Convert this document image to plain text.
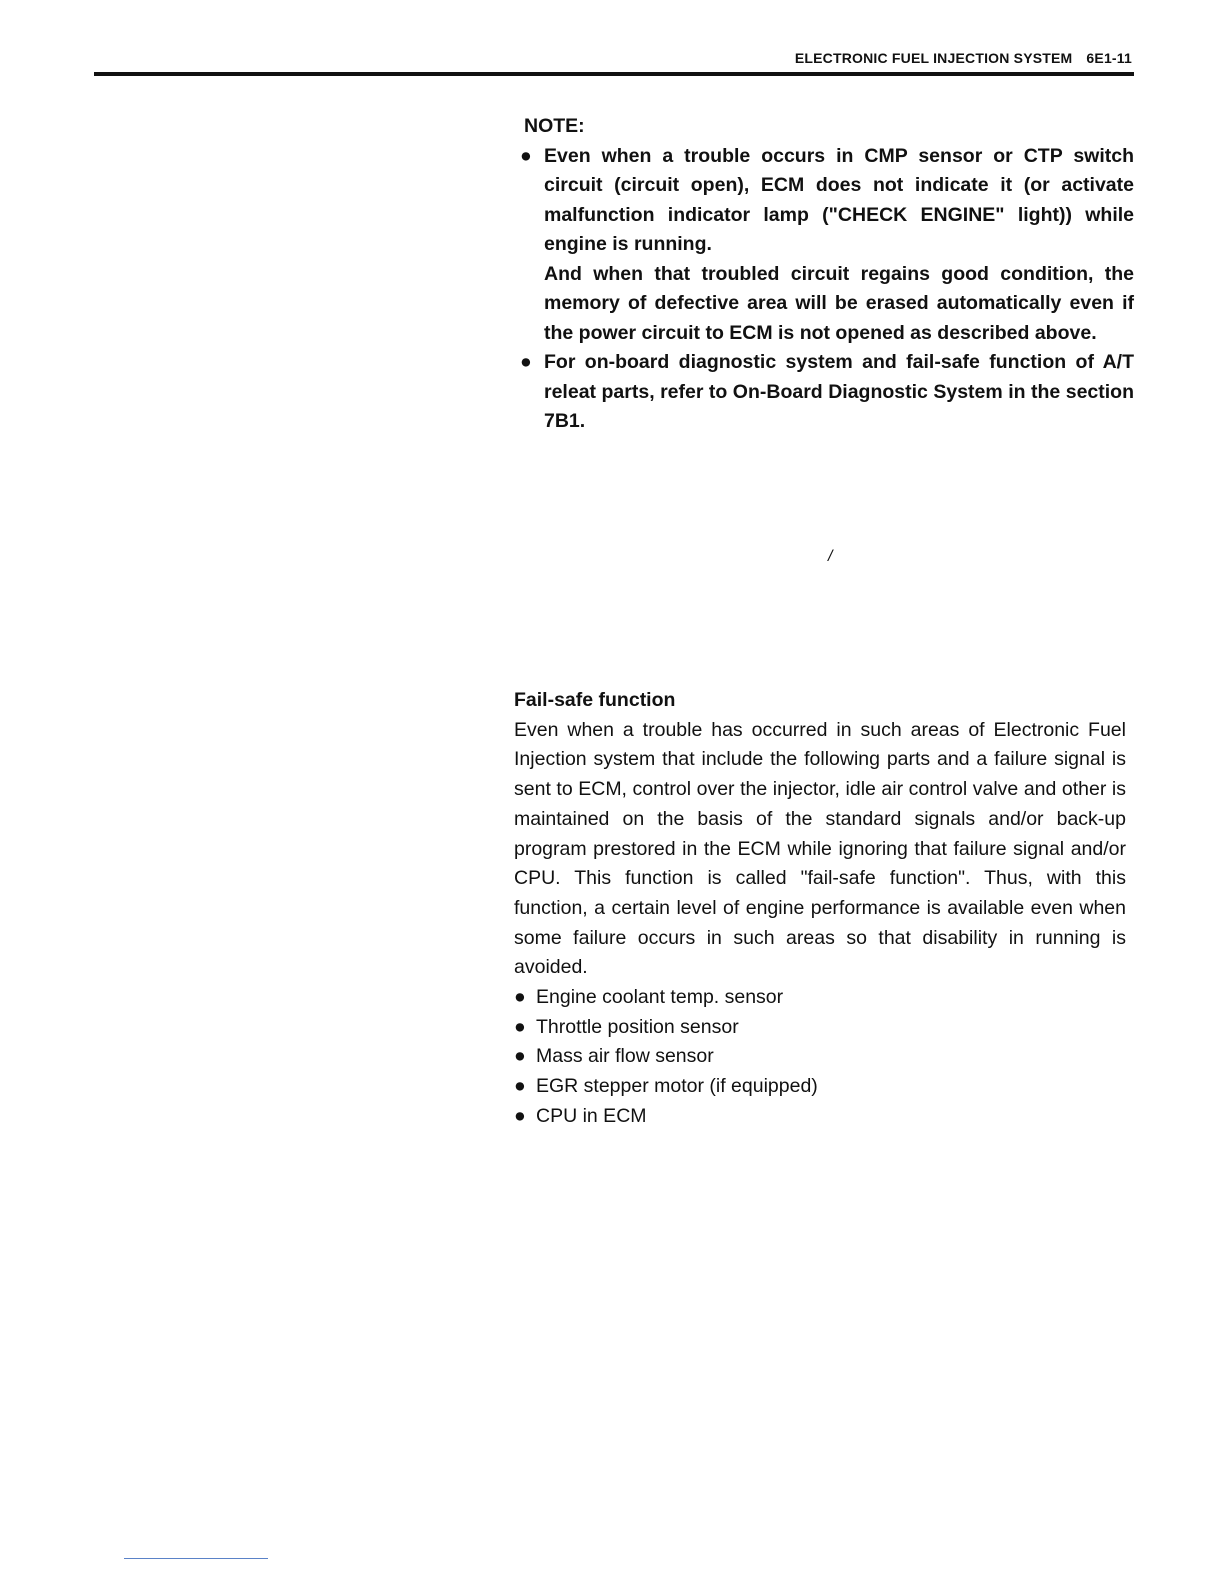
ELECTRONIC FUEL INJECTION SYSTEM 6E1-11
NOTE:
● Even when a trouble occurs in CMP sensor or CTP switch circuit (circuit open), ECM does not indicate it (or activate malfunction indicator lamp ("CHECK ENGINE" light)) while engine is running.

And when that troubled circuit regains good condition, the memory of defective area will be erased automatically even if the power circuit to ECM is not opened as described above.

● For on-board diagnostic system and fail-safe function of A/T releat parts, refer to On-Board Diagnostic System in the section 7B1.

/
Fail-safe function

Even when a trouble has occurred in such areas of Electronic Fuel Injection system that include the following parts and a failure signal is sent to ECM, control over the injector, idle air control valve and other is maintained on the basis of the standard signals and/or back-up program prestored in the ECM while ignoring that failure signal and/or CPU. This function is called "fail-safe function". Thus, with this function, a certain level of engine performance is available even when some failure occurs in such areas so that disability in running is avoided.

● Engine coolant temp. sensor
● Throttle position sensor
● Mass air flow sensor
● EGR stepper motor (if equipped)
● CPU in ECM
